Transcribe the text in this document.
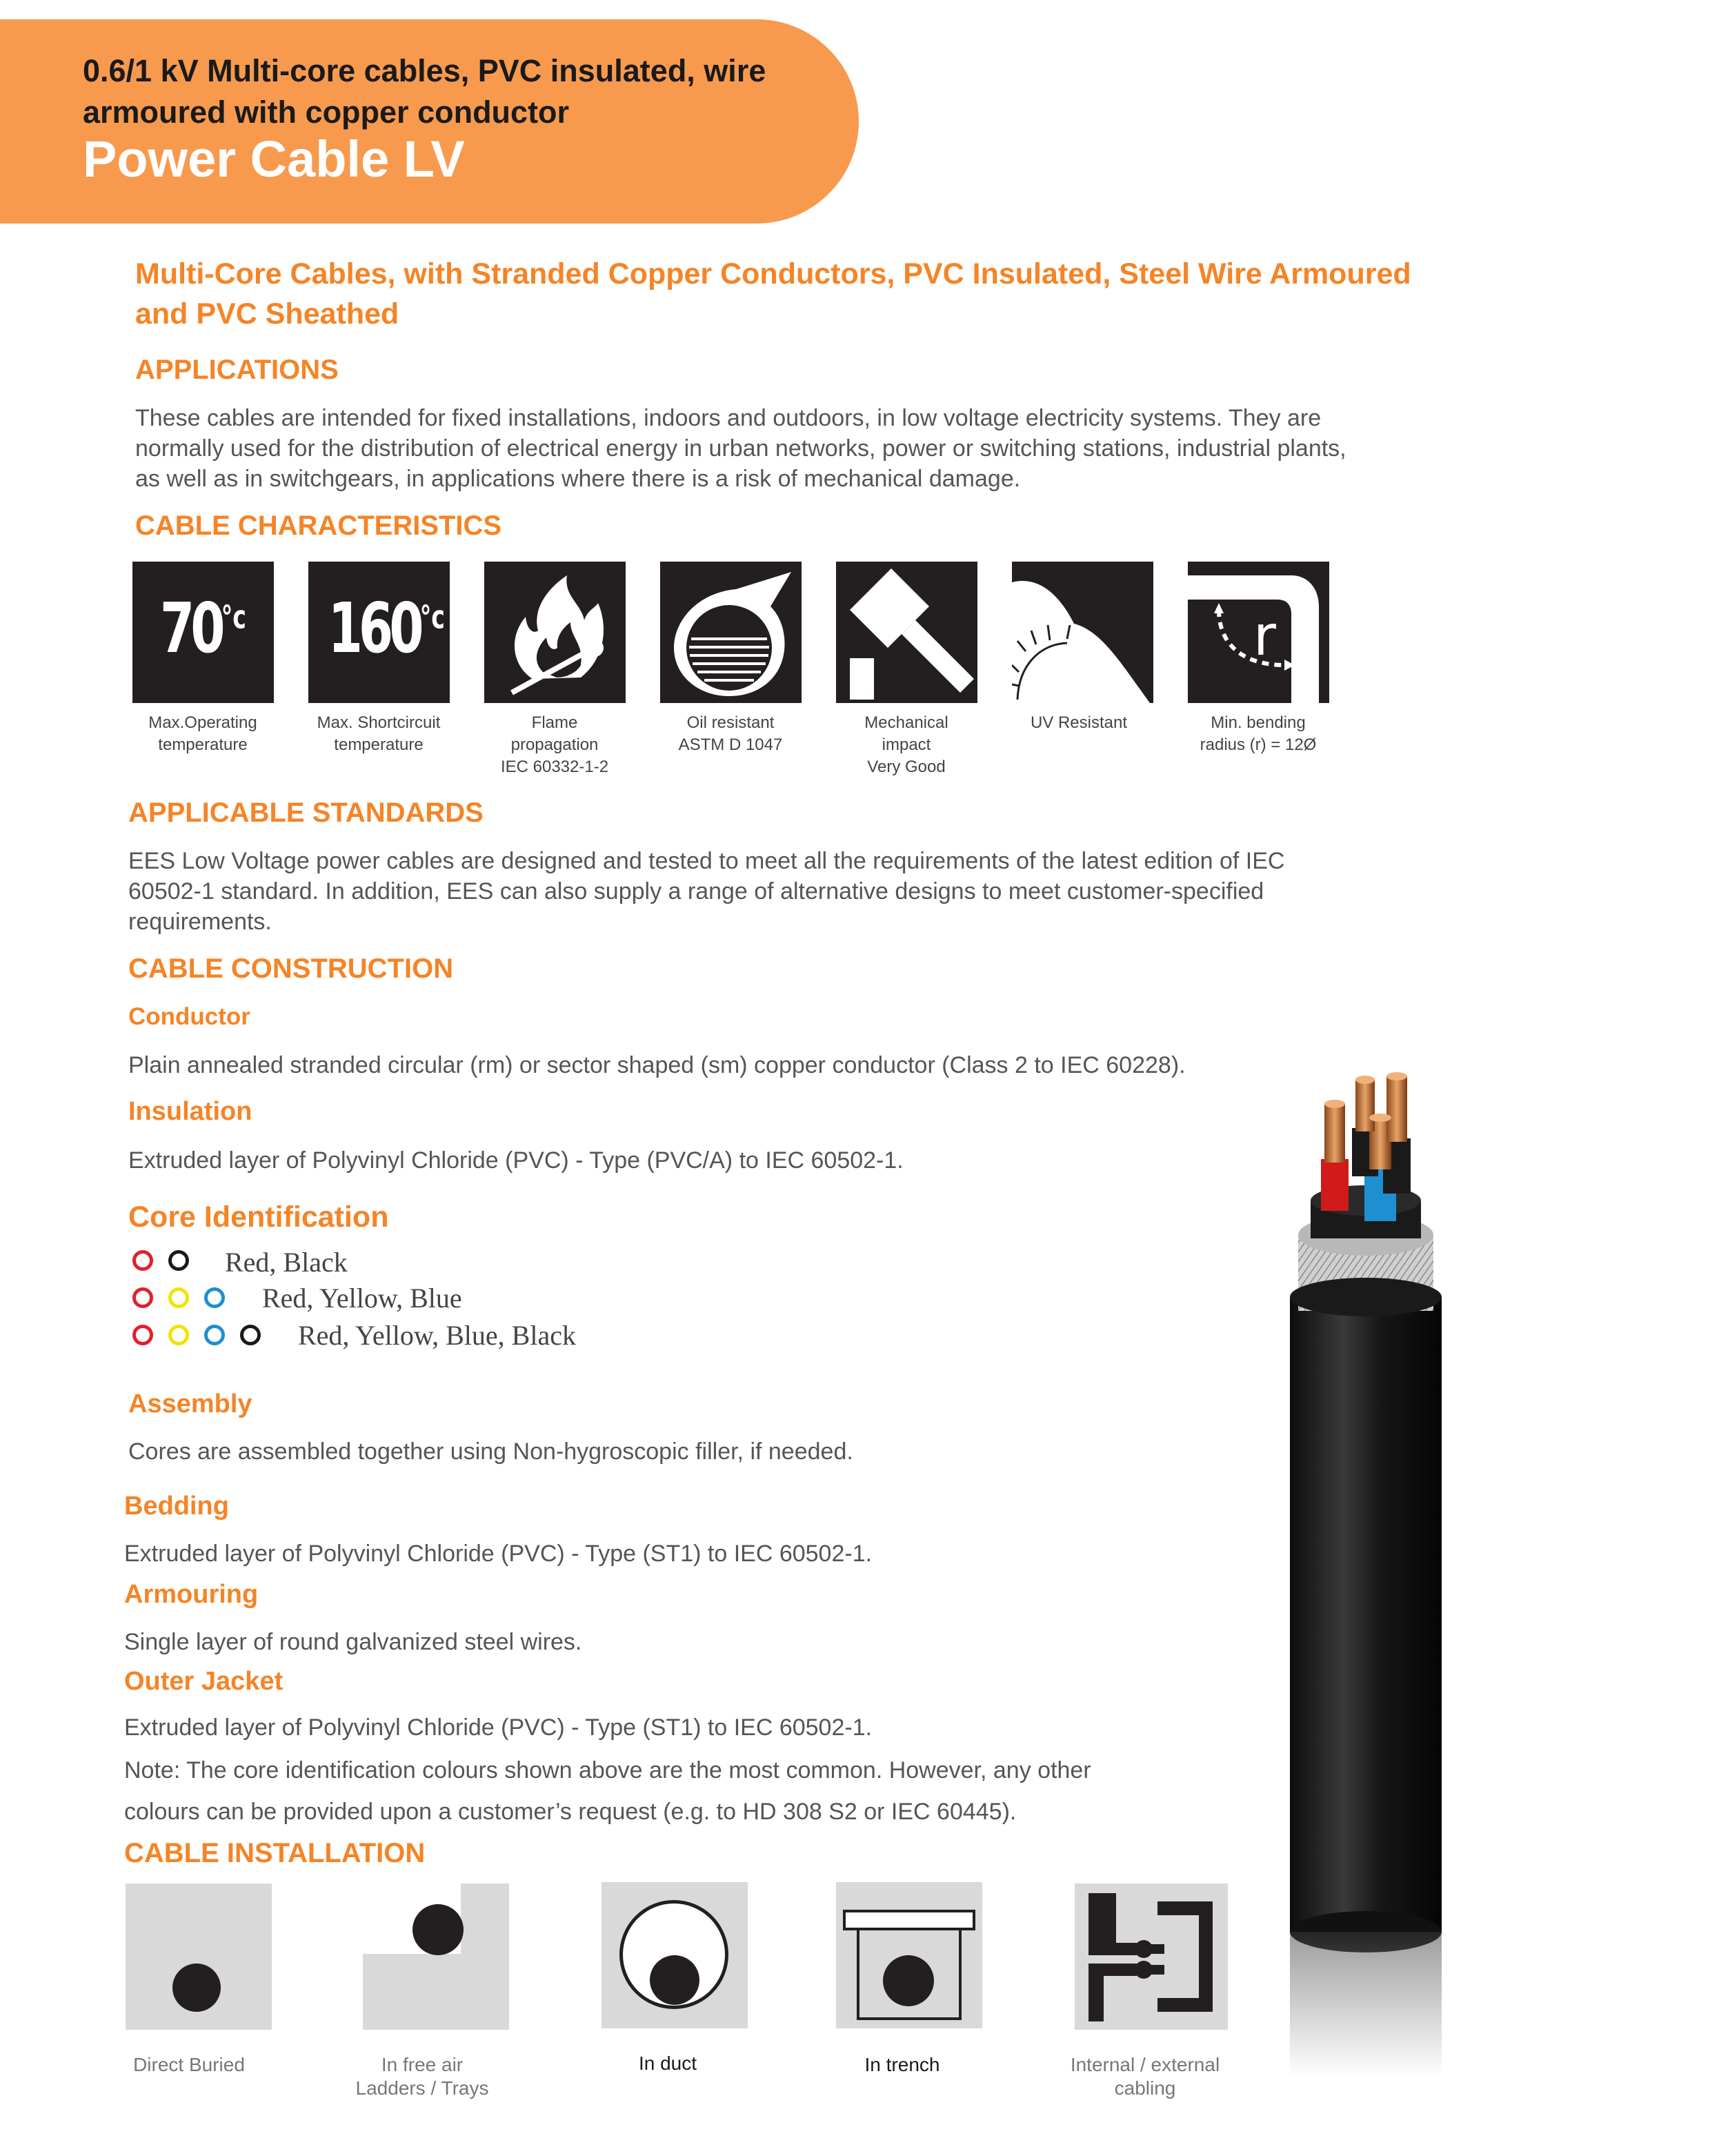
0.6/1 kV Multi-core cables, PVC insulated, wire
armoured with copper conductor
Power Cable LV
Multi-Core Cables, with Stranded Copper Conductors, PVC Insulated, Steel Wire Armoured
and PVC Sheathed
APPLICATIONS
These cables are intended for fixed installations, indoors and outdoors, in low voltage electricity systems. They are
normally used for the distribution of electrical energy in urban networks, power or switching stations, industrial plants,
as well as in switchgears, in applications where there is a risk of mechanical damage.
CABLE CHARACTERISTICS
$70^{^\circ c}$ $160^{^\circ c}$	r
Max.Operating
temperature
Max. Shortcircuit
temperature
Flame
propagation
IEC 60332-1-2
Oil resistant
ASTM D 1047
Mechanical
impact
Very Good
UV Resistant	Min. bending
radius (r) = 12Ø
APPLICABLE STANDARDS
EES Low Voltage power cables are designed and tested to meet all the requirements of the latest edition of IEC
60502-1 standard. In addition, EES can also supply a range of alternative designs to meet customer-specified
requirements.
CABLE CONSTRUCTION
Conductor
Plain annealed stranded circular (rm) or sector shaped (sm) copper conductor (Class 2 to IEC 60228).
Insulation
Extruded layer of Polyvinyl Chloride (PVC) - Type (PVC/A) to IEC 60502-1.
Core Identification
Red, Black
Red, Yellow, Blue
Red, Yellow, Blue, Black
Assembly
Cores are assembled together using Non-hygroscopic filler, if needed.
Bedding
Extruded layer of Polyvinyl Chloride (PVC) - Type (ST1) to IEC 60502-1.
Armouring
Single layer of round galvanized steel wires.
Outer Jacket
Extruded layer of Polyvinyl Chloride (PVC) - Type (ST1) to IEC 60502-1.
Note: The core identification colours shown above are the most common. However, any other
colours can be provided upon a customer’s request (e.g. to HD 308 S2 or IEC 60445).
CABLE INSTALLATION
Direct Buried	In free air
Ladders / Trays
In duct	In trench	Internal / external
cabling
